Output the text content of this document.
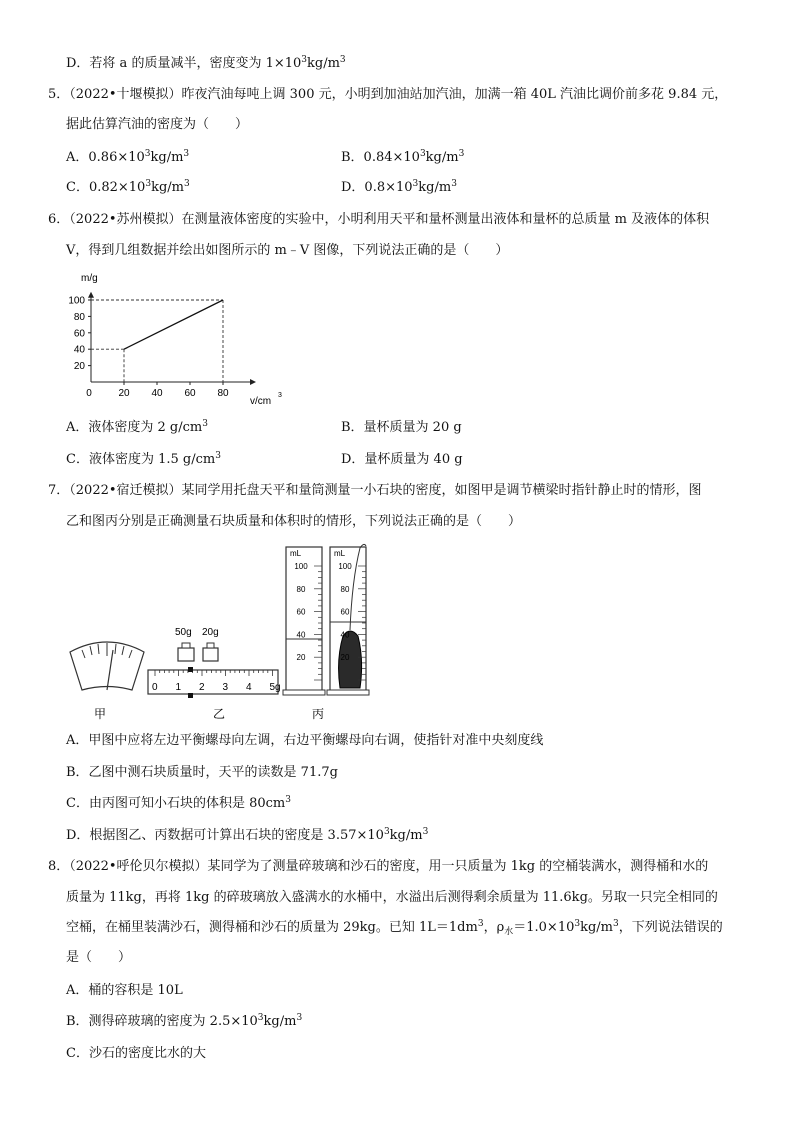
D．若将 a 的质量减半，密度变为 $1\times 10^3kg/m^3$
5．（2022•十堰模拟）昨夜汽油每吨上调 300 元，小明到加油站加汽油，加满一箱 40L 汽油比调价前多花 9.84 元，
据此估算汽油的密度为（　　）
A．$0.86\times 10^3kg/m^3$	B．$0.84\times 10^3kg/m^3$
C．$0.82\times 10^3kg/m^3$	D．$0.8\times 10^3kg/m^3$
6．（2022•苏州模拟）在测量液体密度的实验中，小明利用天平和量杯测量出液体和量杯的总质量 m 及液体的体积
V，得到几组数据并绘出如图所示的 m﹣V 图像，下列说法正确的是（　　）
20
40
60
80
100
0	20 40 60 80
m/g
v/cm
3
A．液体密度为 2 $g/cm^3$	B．量杯质量为 20 g
C．液体密度为 1.5 $g/cm^3$	D．量杯质量为 40 g
7．（2022•宿迁模拟）某同学用托盘天平和量筒测量一小石块的密度，如图甲是调节横梁时指针静止时的情形，图
乙和图丙分别是正确测量石块质量和体积时的情形，下列说法正确的是（　　）
甲
50g 20g
0 1 2 3 4 5g
乙
mL
100
80
60
40
20
mL
100
80
60
40
20
丙
A．甲图中应将左边平衡螺母向左调，右边平衡螺母向右调，使指针对准中央刻度线
B．乙图中测石块质量时，天平的读数是 71.7g
C．由丙图可知小石块的体积是 $80cm^3$
D．根据图乙、丙数据可计算出石块的密度是 $3.57\times 10^3kg/m^3$
8．（2022•呼伦贝尔模拟）某同学为了测量碎玻璃和沙石的密度，用一只质量为 1kg 的空桶装满水，测得桶和水的
质量为 11kg，再将 1kg 的碎玻璃放入盛满水的水桶中，水溢出后测得剩余质量为 11.6kg。另取一只完全相同的
空桶，在桶里装满沙石，测得桶和沙石的质量为 29kg。已知 $1L=1dm^3$，$\rho_水=1.0\times 10^3kg/m^3$，下列说法错误的
是（　　）
A．桶的容积是 10L
B．测得碎玻璃的密度为 $2.5\times 10^3kg/m^3$
C．沙石的密度比水的大
